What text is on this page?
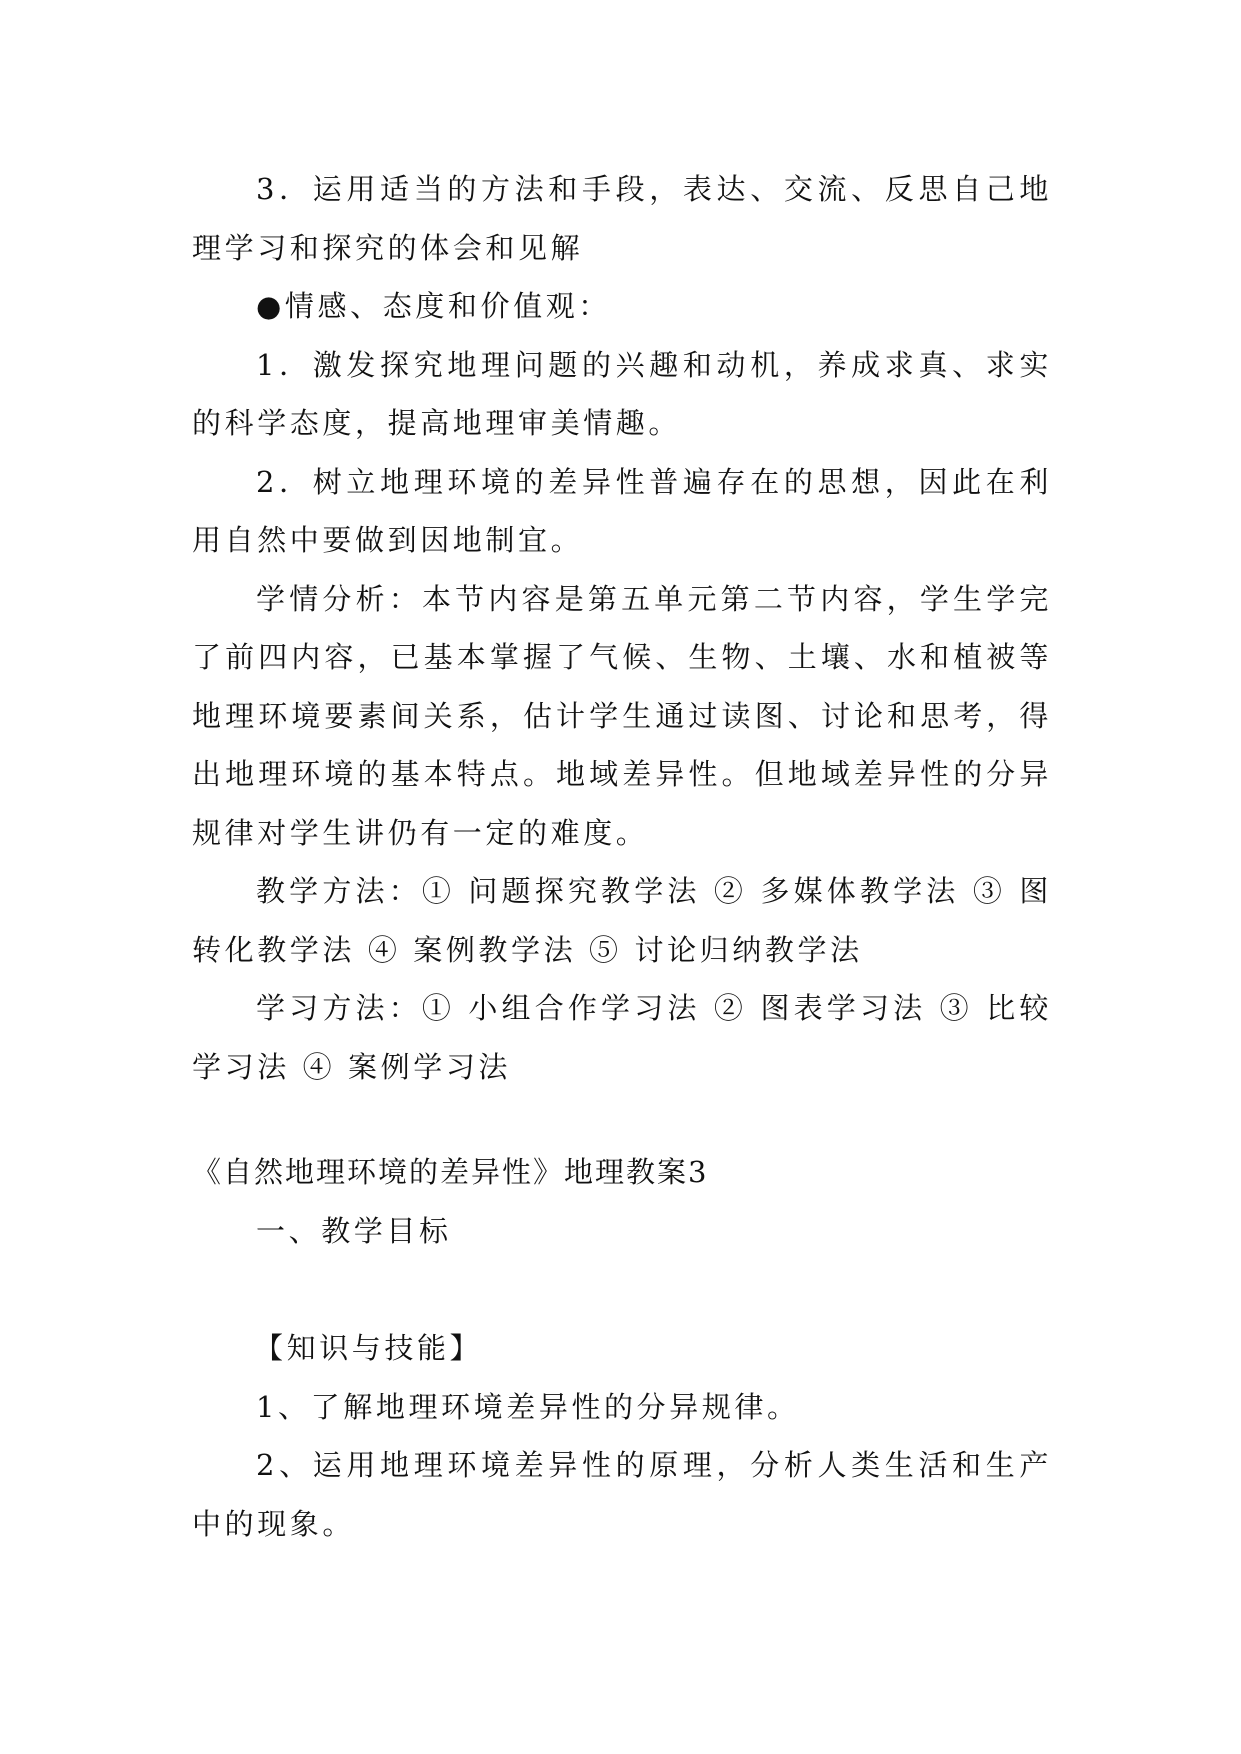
3．运用适当的方法和手段，表达、交流、反思自己地理学习和探究的体会和见解

●情感、态度和价值观：

1．激发探究地理问题的兴趣和动机，养成求真、求实的科学态度，提高地理审美情趣。

2．树立地理环境的差异性普遍存在的思想，因此在利用自然中要做到因地制宜。

学情分析：本节内容是第五单元第二节内容，学生学完了前四内容，已基本掌握了气候、生物、土壤、水和植被等地理环境要素间关系，估计学生通过读图、讨论和思考，得出地理环境的基本特点。地域差异性。但地域差异性的分异规律对学生讲仍有一定的难度。

教学方法：① 问题探究教学法 ② 多媒体教学法 ③ 图转化教学法 ④ 案例教学法 ⑤ 讨论归纳教学法

学习方法：① 小组合作学习法 ② 图表学习法 ③ 比较学习法 ④ 案例学习法

《自然地理环境的差异性》地理教案3

一、教学目标

【知识与技能】

1、了解地理环境差异性的分异规律。

2、运用地理环境差异性的原理，分析人类生活和生产中的现象。
